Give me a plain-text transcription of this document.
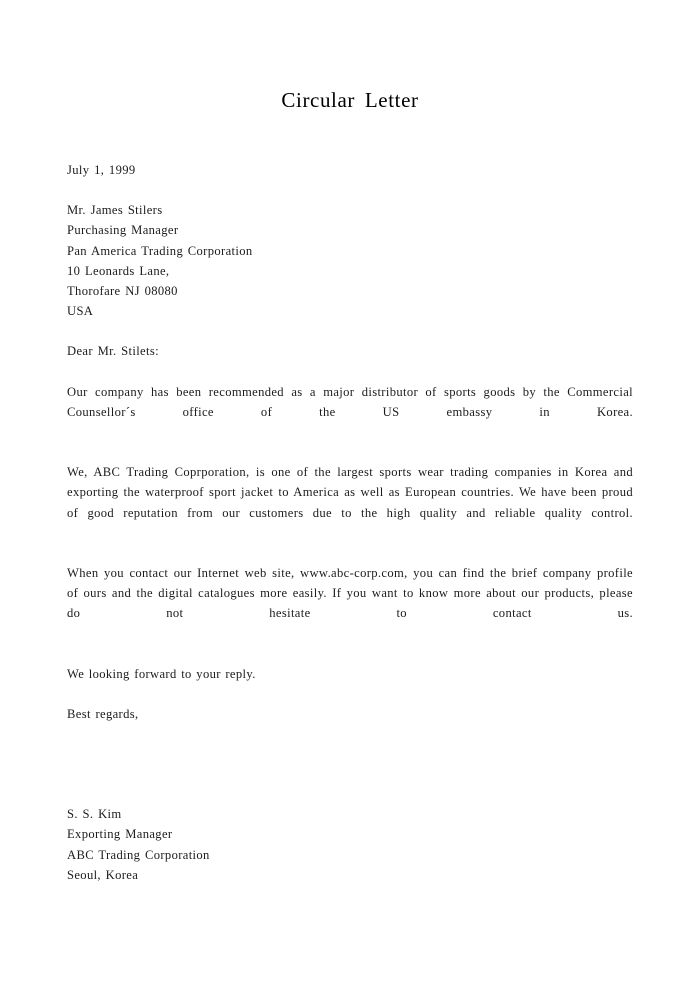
Circular Letter
July 1, 1999
Mr. James Stilers
Purchasing Manager
Pan America Trading Corporation
10 Leonards Lane,
Thorofare NJ 08080
USA
Dear Mr. Stilets:

Our company has been recommended as a major distributor of sports goods by the Commercial Counsellor´s office of the US embassy in Korea.

We, ABC Trading Coprporation, is one of the largest sports wear trading companies in Korea and exporting the waterproof sport jacket to America as well as European countries. We have been proud of good reputation from our customers due to the high quality and reliable quality control.

When you contact our Internet web site, www.abc-corp.com, you can find the brief company profile of ours and the digital catalogues more easily. If you want to know more about our products, please do not hesitate to contact us.

We looking forward to your reply.

Best regards,
S. S. Kim
Exporting Manager
ABC Trading Corporation
Seoul, Korea
